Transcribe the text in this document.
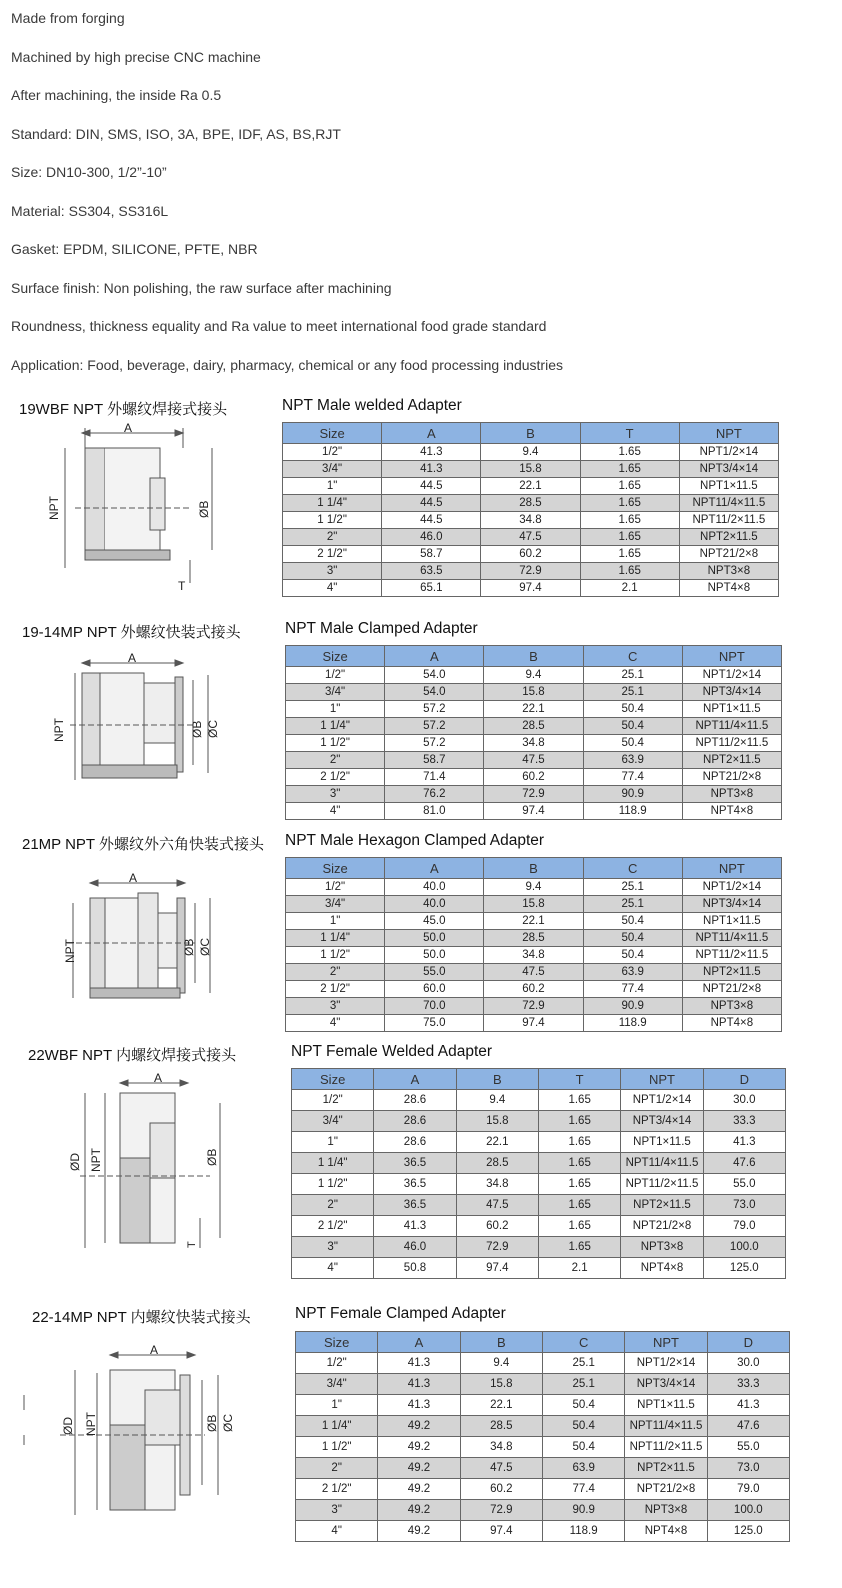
Made from forging
Machined by high precise CNC machine
After machining, the inside Ra 0.5
Standard: DIN, SMS, ISO, 3A, BPE, IDF, AS, BS,RJT
Size: DN10-300, 1/2”-10”
Material: SS304, SS316L
Gasket: EPDM, SILICONE, PFTE, NBR
Surface finish: Non polishing, the raw surface after machining
Roundness, thickness equality and Ra value to meet international food grade standard
Application: Food, beverage, dairy, pharmacy, chemical or any food processing industries
19WBF NPT 外螺纹焊接式接头	NPT Male welded Adapter
A
NPT	ØB
T
Size	A	B	T	NPT
1/2"	41.3	9.4	1.65	NPT1/2×14
3/4"	41.3	15.8	1.65	NPT3/4×14
1"	44.5	22.1	1.65	NPT1×11.5
1 1/4"	44.5	28.5	1.65	NPT11/4×11.5
1 1/2"	44.5	34.8	1.65	NPT11/2×11.5
2"	46.0	47.5	1.65	NPT2×11.5
2 1/2"	58.7	60.2	1.65	NPT21/2×8
3"	63.5	72.9	1.65	NPT3×8
4"	65.1	97.4	2.1	NPT4×8
19-14MP NPT 外螺纹快装式接头	NPT Male Clamped Adapter
A
NPT	ØB ØC
Size	A	B	C	NPT
1/2"	54.0	9.4	25.1	NPT1/2×14
3/4"	54.0	15.8	25.1	NPT3/4×14
1"	57.2	22.1	50.4	NPT1×11.5
1 1/4"	57.2	28.5	50.4	NPT11/4×11.5
1 1/2"	57.2	34.8	50.4	NPT11/2×11.5
2"	58.7	47.5	63.9	NPT2×11.5
2 1/2"	71.4	60.2	77.4	NPT21/2×8
3"	76.2	72.9	90.9	NPT3×8
4"	81.0	97.4	118.9	NPT4×8
21MP NPT 外螺纹外六角快装式接头 NPT Male Hexagon Clamped Adapter
A
NPT	ØB ØC
Size	A	B	C	NPT
1/2"	40.0	9.4	25.1	NPT1/2×14
3/4"	40.0	15.8	25.1	NPT3/4×14
1"	45.0	22.1	50.4	NPT1×11.5
1 1/4"	50.0	28.5	50.4	NPT11/4×11.5
1 1/2"	50.0	34.8	50.4	NPT11/2×11.5
2"	55.0	47.5	63.9	NPT2×11.5
2 1/2"	60.0	60.2	77.4	NPT21/2×8
3"	70.0	72.9	90.9	NPT3×8
4"	75.0	97.4	118.9	NPT4×8
22WBF NPT 内螺纹焊接式接头	NPT Female Welded Adapter
A
ØD NPT	ØB
T
Size	A	B	T	NPT	D
1/2"	28.6	9.4	1.65	NPT1/2×14	30.0
3/4"	28.6	15.8	1.65	NPT3/4×14	33.3
1"	28.6	22.1	1.65	NPT1×11.5	41.3
1 1/4"	36.5	28.5	1.65	NPT11/4×11.5	47.6
1 1/2"	36.5	34.8	1.65	NPT11/2×11.5	55.0
2"	36.5	47.5	1.65	NPT2×11.5	73.0
2 1/2"	41.3	60.2	1.65	NPT21/2×8	79.0
3"	46.0	72.9	1.65	NPT3×8	100.0
4"	50.8	97.4	2.1	NPT4×8	125.0
22-14MP NPT 内螺纹快装式接头	NPT Female Clamped Adapter
A
ØD NPT	ØB ØC
Size	A	B	C	NPT	D
1/2"	41.3	9.4	25.1	NPT1/2×14	30.0
3/4"	41.3	15.8	25.1	NPT3/4×14	33.3
1"	41.3	22.1	50.4	NPT1×11.5	41.3
1 1/4"	49.2	28.5	50.4	NPT11/4×11.5	47.6
1 1/2"	49.2	34.8	50.4	NPT11/2×11.5	55.0
2"	49.2	47.5	63.9	NPT2×11.5	73.0
2 1/2"	49.2	60.2	77.4	NPT21/2×8	79.0
3"	49.2	72.9	90.9	NPT3×8	100.0
4"	49.2	97.4	118.9	NPT4×8	125.0
